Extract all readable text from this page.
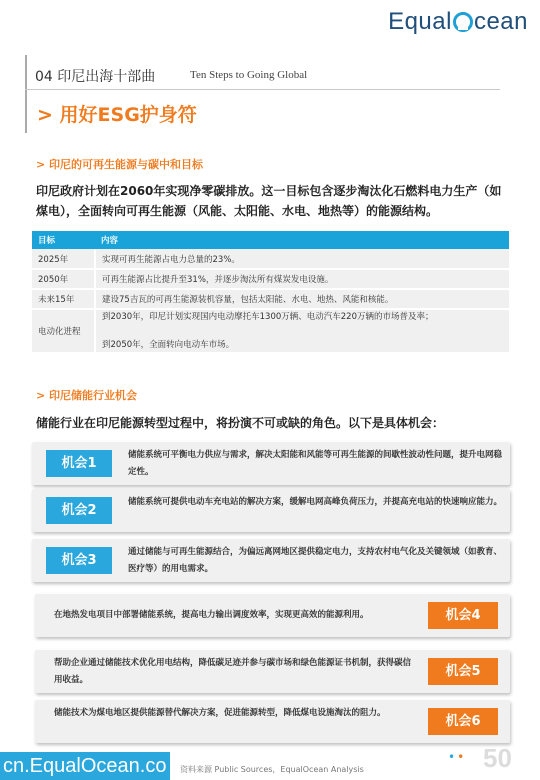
Equal cean
04 印尼出海十部曲	Ten Steps to Going Global
> 用好ESG护身符
> 印尼的可再生能源与碳中和目标
印尼政府计划在2060年实现净零碳排放。这一目标包含逐步淘汰化石燃料电力生产（如煤电），全面转向可再生能源（风能、太阳能、水电、地热等）的能源结构。
目标	内容
2025年	实现可再生能源占电力总量的23%。
2050年	可再生能源占比提升至31%，并逐步淘汰所有煤炭发电设施。
未来15年	建设75吉瓦的可再生能源装机容量，包括太阳能、水电、地热、风能和核能。
电动化进程	到2030年，印尼计划实现国内电动摩托车1300万辆、电动汽车220万辆的市场普及率；
到2050年，全面转向电动车市场。
> 印尼储能行业机会
储能行业在印尼能源转型过程中，将扮演不可或缺的角色。以下是具体机会：
机会1
储能系统可平衡电力供应与需求，解决太阳能和风能等可再生能源的间歇性波动性问题，提升电网稳定性。
机会2
储能系统可提供电动车充电站的解决方案，缓解电网高峰负荷压力，并提高充电站的快速响应能力。
机会3
通过储能与可再生能源结合，为偏远离网地区提供稳定电力，支持农村电气化及关键领域（如教育、医疗等）的用电需求。
在地热发电项目中部署储能系统，提高电力输出调度效率，实现更高效的能源利用。	机会4
帮助企业通过储能技术优化用电结构，降低碳足迹并参与碳市场和绿色能源证书机制，获得碳信用收益。
机会5
储能技术为煤电地区提供能源替代解决方案，促进能源转型，降低煤电设施淘汰的阻力。
机会6
cn.EqualOcean.co	资料来源 Public Sources，EqualOcean Analysis
•• 50
